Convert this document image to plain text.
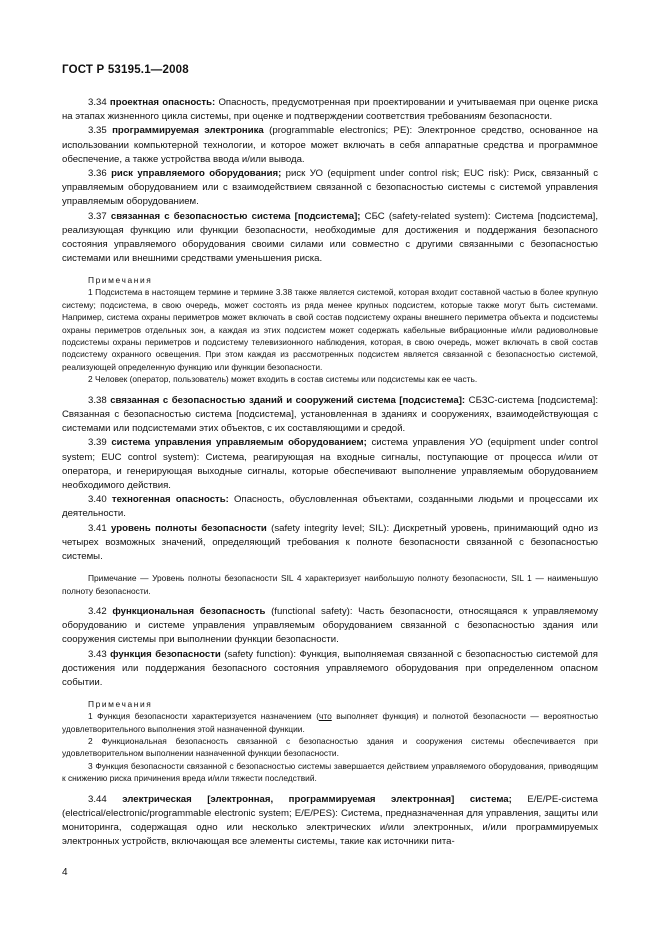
ГОСТ Р 53195.1—2008

3.34 проектная опасность: Опасность, предусмотренная при проектировании и учитываемая при оценке риска на этапах жизненного цикла системы, при оценке и подтверждении соответствия требованиям безопасности.

3.35 программируемая электроника (programmable electronics; PE): Электронное средство, основанное на использовании компьютерной технологии, и которое может включать в себя аппаратные средства и программное обеспечение, а также устройства ввода и/или вывода.

3.36 риск управляемого оборудования; риск УО (equipment under control risk; EUC risk): Риск, связанный с управляемым оборудованием или с взаимодействием связанной с безопасностью системы с системой управления управляемым оборудованием.

3.37 связанная с безопасностью система [подсистема]; СБС (safety-related system): Система [подсистема], реализующая функцию или функции безопасности, необходимые для достижения и поддержания безопасного состояния управляемого оборудования своими силами или совместно с другими связанными с безопасностью системами или внешними средствами уменьшения риска.

Примечания

1 Подсистема в настоящем термине и термине 3.38 также является системой, которая входит составной частью в более крупную систему; подсистема, в свою очередь, может состоять из ряда менее крупных подсистем, которые также могут быть системами. Например, система охраны периметров может включать в свой состав подсистему охраны внешнего периметра объекта и подсистемы охраны периметров отдельных зон, а каждая из этих подсистем может содержать кабельные вибрационные и/или радиоволновые подсистемы охраны периметров и подсистему телевизионного наблюдения, которая, в свою очередь, может включать в свой состав подсистему охранного освещения. При этом каждая из рассмотренных подсистем является связанной с безопасностью системой, реализующей определенную функцию или функции безопасности.

2 Человек (оператор, пользователь) может входить в состав системы или подсистемы как ее часть.

3.38 связанная с безопасностью зданий и сооружений система [подсистема]: СБЗС-система [подсистема]: Связанная с безопасностью система [подсистема], установленная в зданиях и сооружениях, взаимодействующая с системами или подсистемами этих объектов, с их составляющими и средой.

3.39 система управления управляемым оборудованием; система управления УО (equipment under control system; EUC control system): Система, реагирующая на входные сигналы, поступающие от процесса и/или от оператора, и генерирующая выходные сигналы, которые обеспечивают выполнение управляемым оборудованием необходимого действия.

3.40 техногенная опасность: Опасность, обусловленная объектами, созданными людьми и процессами их деятельности.

3.41 уровень полноты безопасности (safety integrity level; SIL): Дискретный уровень, принимающий одно из четырех возможных значений, определяющий требования к полноте безопасности связанной с безопасностью системы.

Примечание — Уровень полноты безопасности SIL 4 характеризует наибольшую полноту безопасности, SIL 1 — наименьшую полноту безопасности.

3.42 функциональная безопасность (functional safety): Часть безопасности, относящаяся к управляемому оборудованию и системе управления управляемым оборудованием связанной с безопасностью здания или сооружения системы при выполнении функции безопасности.

3.43 функция безопасности (safety function): Функция, выполняемая связанной с безопасностью системой для достижения или поддержания безопасного состояния управляемого оборудования при определенном опасном событии.

Примечания

1 Функция безопасности характеризуется назначением (что выполняет функция) и полнотой безопасности — вероятностью удовлетворительного выполнения этой назначенной функции.

2 Функциональная безопасность связанной с безопасностью здания и сооружения системы обеспечивается при удовлетворительном выполнении назначенной функции безопасности.

3 Функция безопасности связанной с безопасностью системы завершается действием управляемого оборудования, приводящим к снижению риска причинения вреда и/или тяжести последствий.

3.44 электрическая [электронная, программируемая электронная] система; Е/Е/РЕ-система (electrical/electronic/programmable electronic system; E/E/PES): Система, предназначенная для управления, защиты или мониторинга, содержащая одно или несколько электрических и/или электронных, и/или программируемых электронных устройств, включающая все элементы системы, такие как источники пита-

4
